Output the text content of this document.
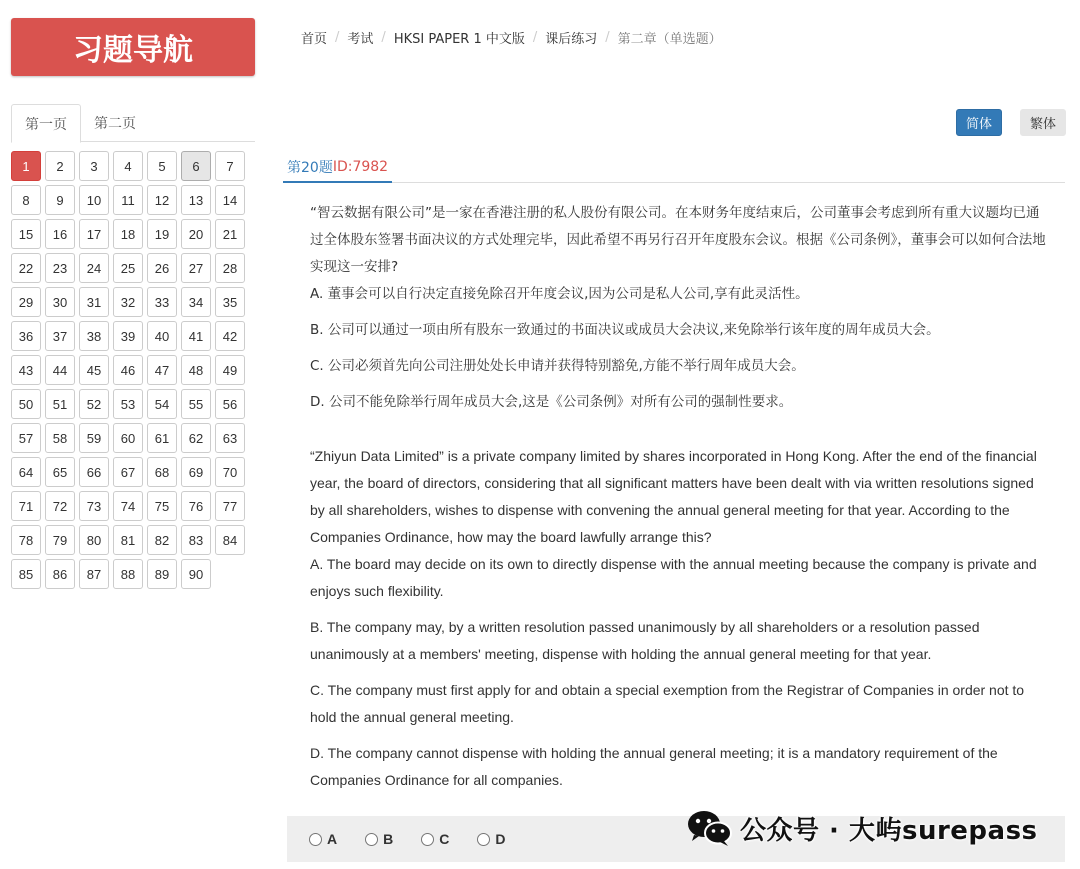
习题导航
第一页	第二页
1	2	3	4	5	6	7
8	9	10	11	12	13	14
15	16	17	18	19	20	21
22	23	24	25	26	27	28
29	30	31	32	33	34	35
36	37	38	39	40	41	42
43	44	45	46	47	48	49
50	51	52	53	54	55	56
57	58	59	60	61	62	63
64	65	66	67	68	69	70
71	72	73	74	75	76	77
78	79	80	81	82	83	84
85	86	87	88	89	90
首页 / 考试 / HKSI PAPER 1 中文版 / 课后练习 / 第二章（单选题）
简体	繁体
第20题 ID:7982
“智云数据有限公司”是一家在香港注册的私人股份有限公司。在本财务年度结束后，公司董事会考虑到所有重大议题均已通过全体股东签署书面决议的方式处理完毕，因此希望不再另行召开年度股东会议。根据《公司条例》，董事会可以如何合法地实现这一安排?
A. 董事会可以自行决定直接免除召开年度会议,因为公司是私人公司,享有此灵活性。
B. 公司可以通过一项由所有股东一致通过的书面决议或成员大会决议,来免除举行该年度的周年成员大会。
C. 公司必须首先向公司注册处处长申请并获得特别豁免,方能不举行周年成员大会。
D. 公司不能免除举行周年成员大会,这是《公司条例》对所有公司的强制性要求。
“Zhiyun Data Limited” is a private company limited by shares incorporated in Hong Kong. After the end of the financial year, the board of directors, considering that all significant matters have been dealt with via written resolutions signed by all shareholders, wishes to dispense with convening the annual general meeting for that year. According to the Companies Ordinance, how may the board lawfully arrange this?
A. The board may decide on its own to directly dispense with the annual meeting because the company is private and enjoys such flexibility.
B. The company may, by a written resolution passed unanimously by all shareholders or a resolution passed unanimously at a members' meeting, dispense with holding the annual general meeting for that year.
C. The company must first apply for and obtain a special exemption from the Registrar of Companies in order not to hold the annual general meeting.
D. The company cannot dispense with holding the annual general meeting; it is a mandatory requirement of the Companies Ordinance for all companies.
A	B	C	D	公众号 · 大屿surepass
